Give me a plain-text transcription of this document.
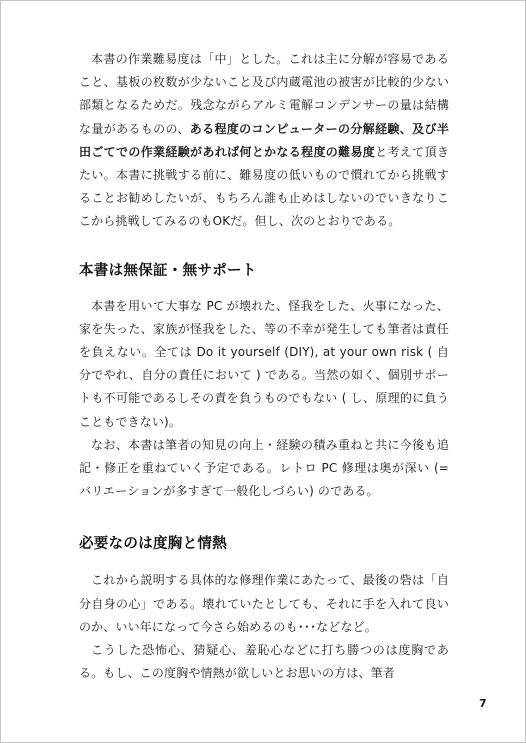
本書の作業難易度は「中」とした。これは主に分解が容易であること、基板の枚数が少ないこと及び内蔵電池の被害が比較的少ない部類となるためだ。残念ながらアルミ電解コンデンサーの量は結構な量があるものの、ある程度のコンピューターの分解経験、及び半田ごてでの作業経験があれば何とかなる程度の難易度と考えて頂きたい。本書に挑戦する前に、難易度の低いもので慣れてから挑戦することお勧めしたいが、もちろん誰も止めはしないのでいきなりここから挑戦してみるのもOKだ。但し、次のとおりである。

本書は無保証・無サポート

本書を用いて大事な PC が壊れた、怪我をした、火事になった、家を失った、家族が怪我をした、等の不幸が発生しても筆者は責任を負えない。全ては Do it yourself (DIY), at your own risk ( 自分でやれ、自分の責任において ) である。当然の如く、個別サポートも不可能であるしその責を負うものでもない ( し、原理的に負うこともできない)。

なお、本書は筆者の知見の向上・経験の積み重ねと共に今後も追記・修正を重ねていく予定である。レトロ PC 修理は奥が深い (= バリエーションが多すぎて一般化しづらい) のである。

必要なのは度胸と情熱

これから説明する具体的な修理作業にあたって、最後の砦は「自分自身の心」である。壊れていたとしても、それに手を入れて良いのか、いい年になって今さら始めるのも･･･などなど。

こうした恐怖心、猜疑心、羞恥心などに打ち勝つのは度胸である。もし、この度胸や情熱が欲しいとお思いの方は、筆者

7
